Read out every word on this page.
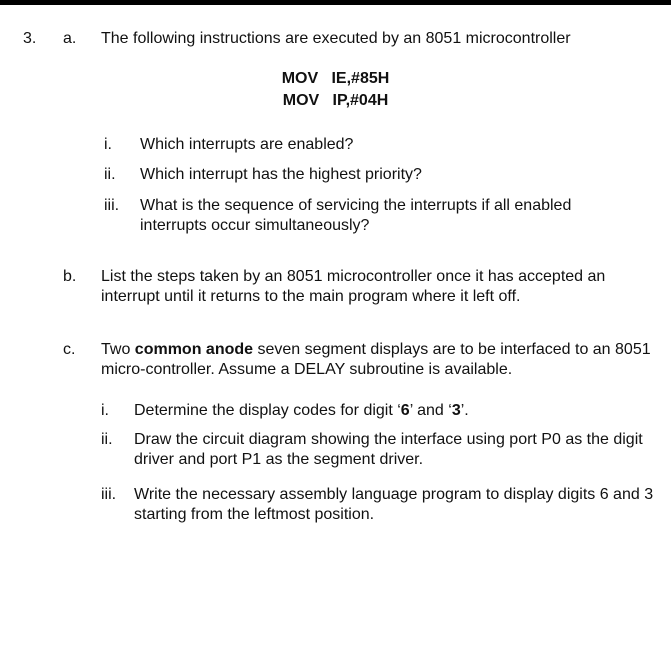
3. a. The following instructions are executed by an 8051 microcontroller
MOV   IE,#85H
MOV   IP,#04H
i. Which interrupts are enabled?
ii. Which interrupt has the highest priority?
iii. What is the sequence of servicing the interrupts if all enabled interrupts occur simultaneously?
b. List the steps taken by an 8051 microcontroller once it has accepted an interrupt until it returns to the main program where it left off.
c. Two common anode seven segment displays are to be interfaced to an 8051 micro-controller. Assume a DELAY subroutine is available.
i. Determine the display codes for digit ‘6’ and ‘3’.
ii. Draw the circuit diagram showing the interface using port P0 as the digit driver and port P1 as the segment driver.
iii. Write the necessary assembly language program to display digits 6 and 3 starting from the leftmost position.
